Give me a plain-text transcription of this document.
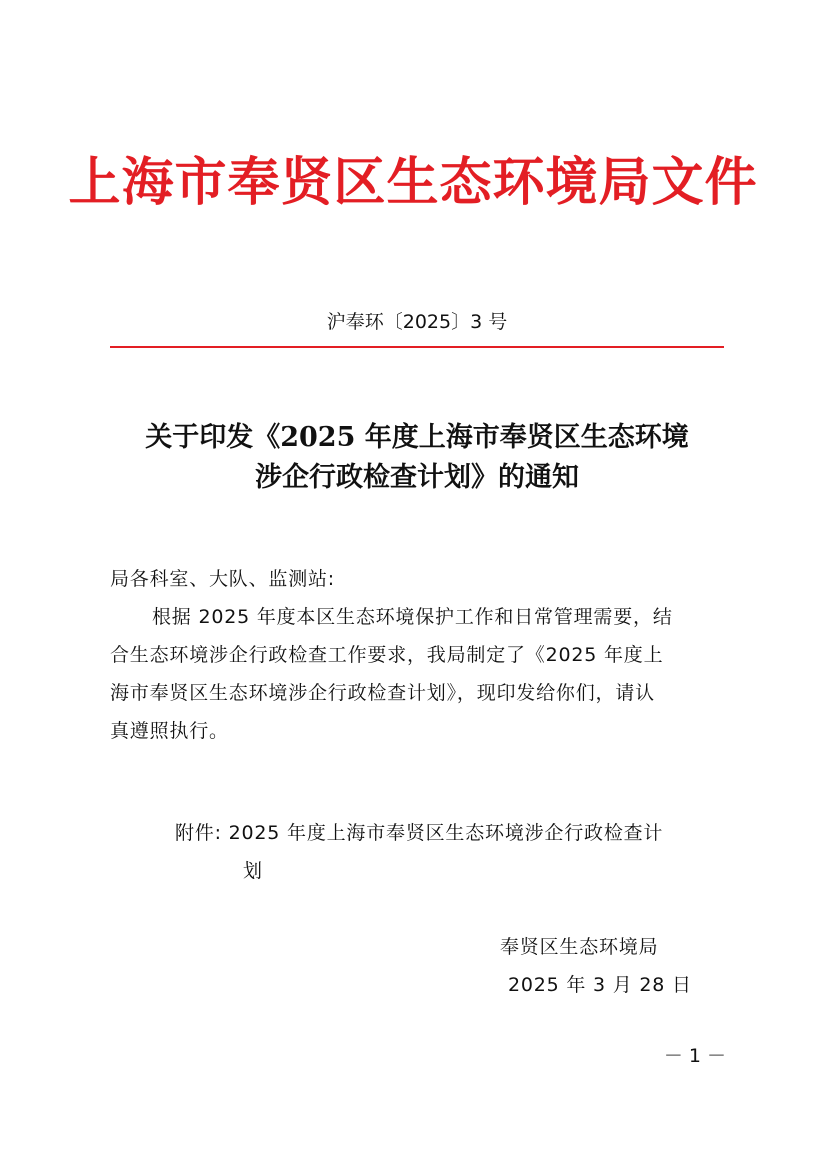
上海市奉贤区生态环境局文件
沪奉环〔2025〕3 号
关于印发《2025 年度上海市奉贤区生态环境
涉企行政检查计划》的通知
局各科室、大队、监测站:
根据 2025 年度本区生态环境保护工作和日常管理需要，结
合生态环境涉企行政检查工作要求，我局制定了《2025 年度上
海市奉贤区生态环境涉企行政检查计划》，现印发给你们，请认
真遵照执行。
附件: 2025 年度上海市奉贤区生态环境涉企行政检查计
划
奉贤区生态环境局
2025 年 3 月 28 日
－ 1 －
